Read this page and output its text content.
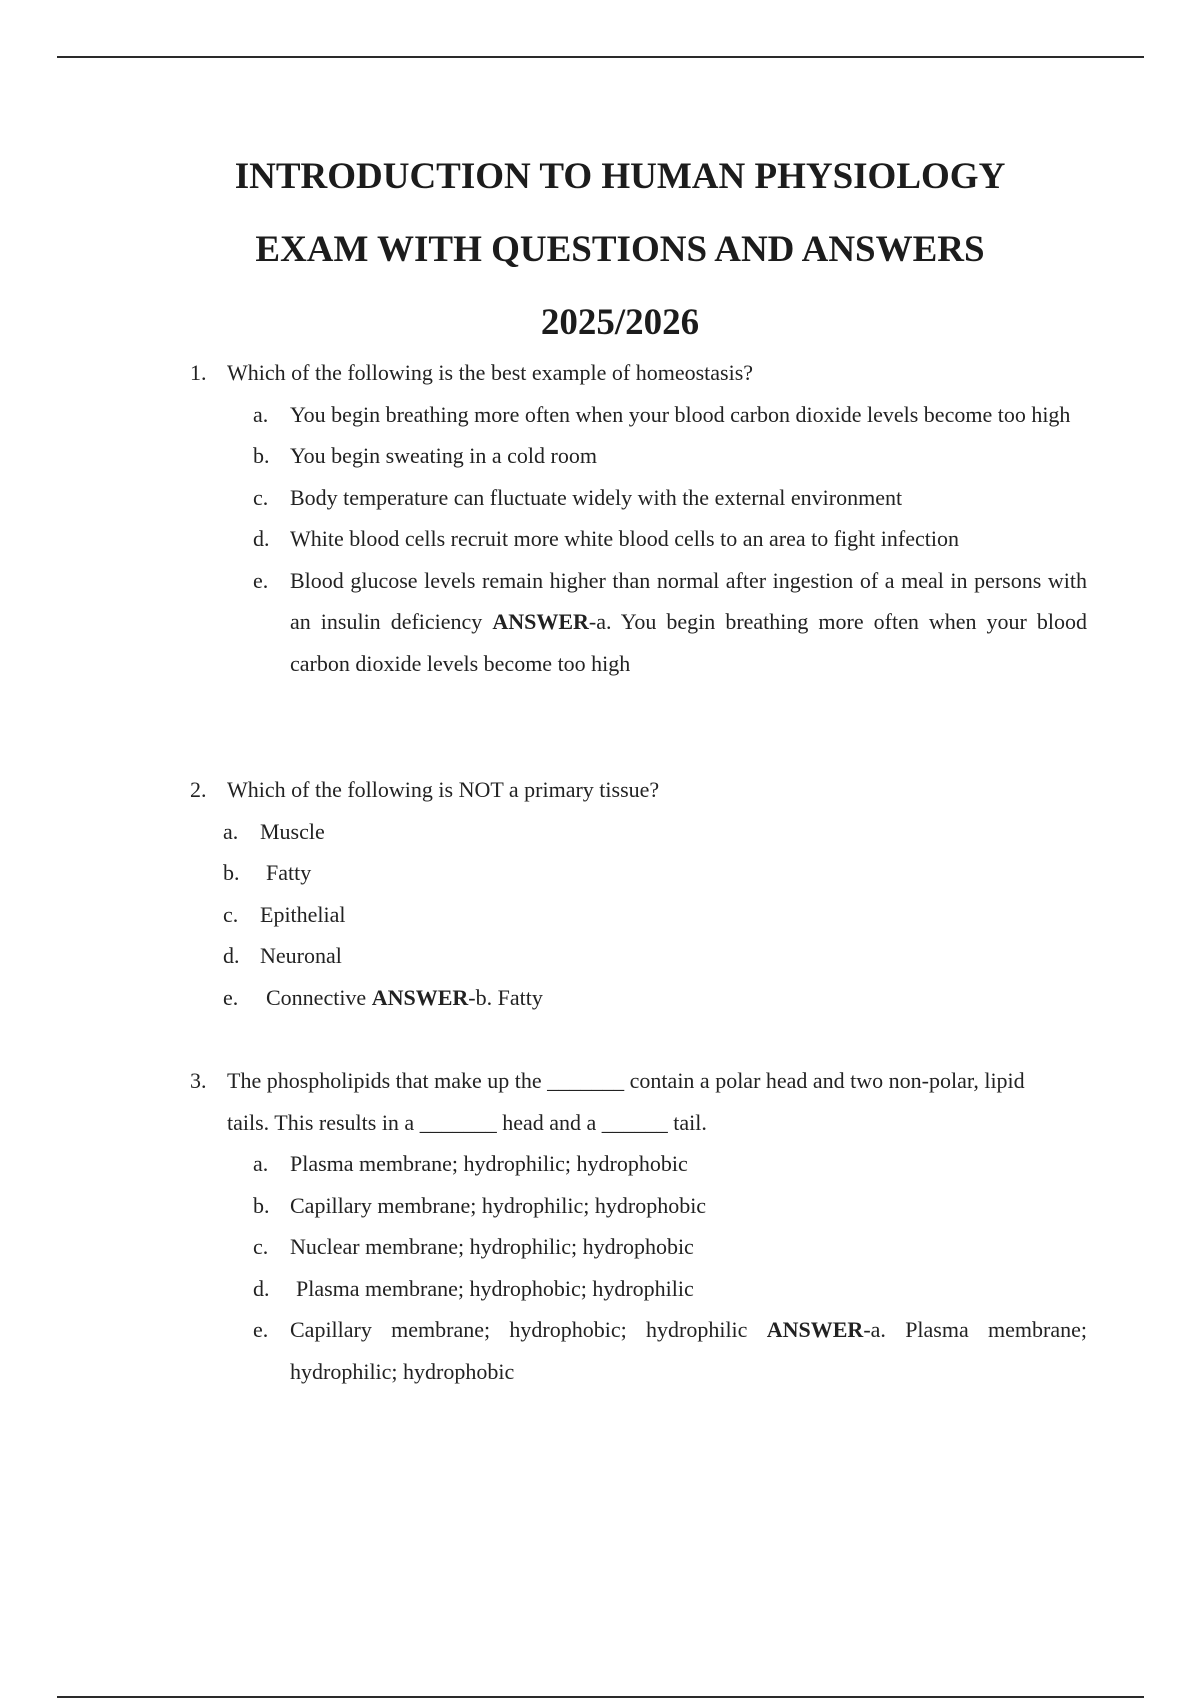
INTRODUCTION TO HUMAN PHYSIOLOGY
EXAM WITH QUESTIONS AND ANSWERS
2025/2026
1. Which of the following is the best example of homeostasis?
a. You begin breathing more often when your blood carbon dioxide levels become too high
b. You begin sweating in a cold room
c. Body temperature can fluctuate widely with the external environment
d. White blood cells recruit more white blood cells to an area to fight infection
e. Blood glucose levels remain higher than normal after ingestion of a meal in persons with an insulin deficiency ANSWER-a. You begin breathing more often when your blood carbon dioxide levels become too high
2. Which of the following is NOT a primary tissue?
a. Muscle
b. Fatty
c. Epithelial
d. Neuronal
e. Connective ANSWER-b. Fatty
3. The phospholipids that make up the _______ contain a polar head and two non-polar, lipid
tails. This results in a _______ head and a ______ tail.
a. Plasma membrane; hydrophilic; hydrophobic
b. Capillary membrane; hydrophilic; hydrophobic
c. Nuclear membrane; hydrophilic; hydrophobic
d. Plasma membrane; hydrophobic; hydrophilic
e. Capillary membrane; hydrophobic; hydrophilic ANSWER-a. Plasma membrane; hydrophilic; hydrophobic
